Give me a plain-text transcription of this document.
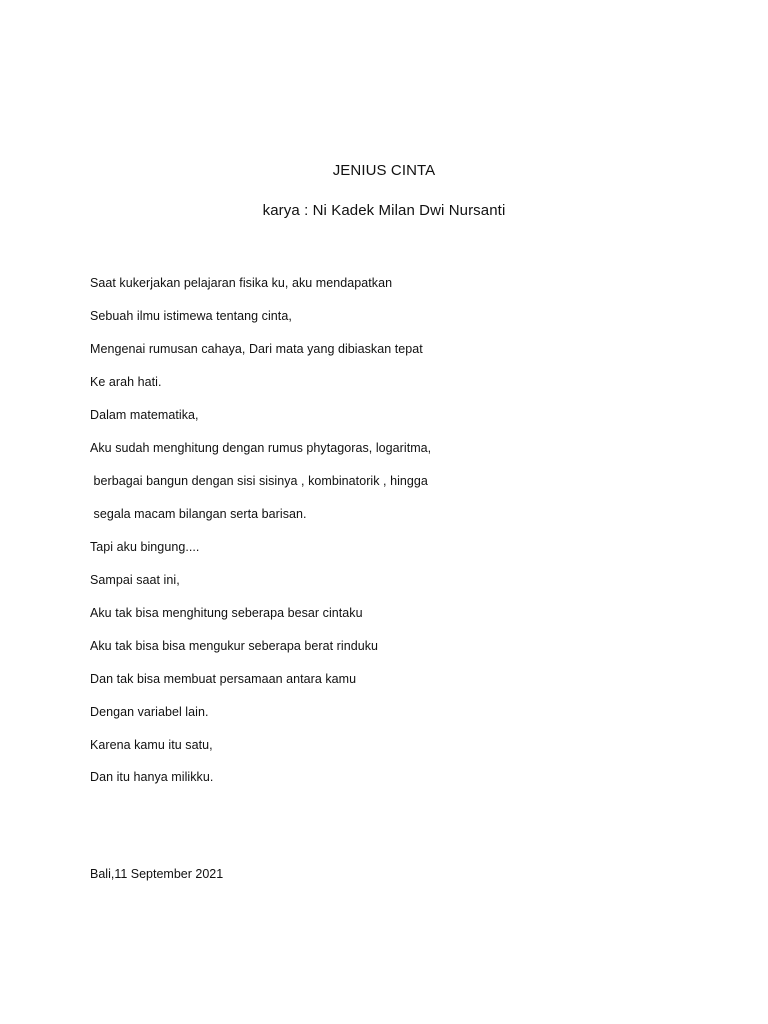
JENIUS CINTA
karya : Ni Kadek Milan Dwi Nursanti
Saat kukerjakan pelajaran fisika ku, aku mendapatkan
Sebuah ilmu istimewa tentang cinta,
Mengenai rumusan cahaya, Dari mata yang dibiaskan tepat
Ke arah hati.
Dalam matematika,
Aku sudah menghitung dengan rumus phytagoras, logaritma,
berbagai bangun dengan sisi sisinya , kombinatorik , hingga
segala macam bilangan serta barisan.
Tapi aku bingung....
Sampai saat ini,
Aku tak bisa menghitung seberapa besar cintaku
Aku tak bisa bisa mengukur seberapa berat rinduku
Dan tak bisa membuat persamaan antara kamu
Dengan variabel lain.
Karena kamu itu satu,
Dan itu hanya milikku.
Bali,11 September 2021
